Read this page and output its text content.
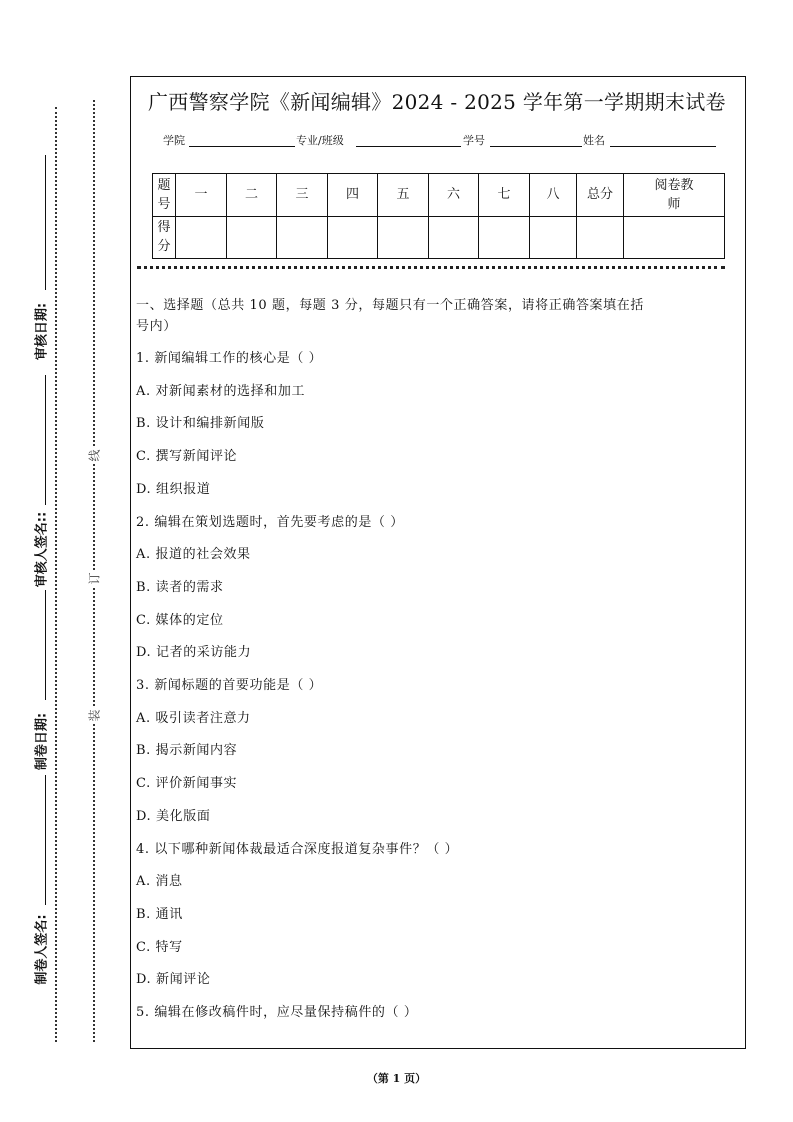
审核日期:
审核人签名::
制卷日期:
制卷人签名:
线
订
装
广西警察学院《新闻编辑》2024 - 2025 学年第一学期期末试卷
学院	专业/班级	学号	姓名
题号	一	二	三	四	五	六	七	八	总分	阅卷教师
得分										
一、选择题（总共 10 题，每题 3 分，每题只有一个正确答案，请将正确答案填在括
号内）
1. 新闻编辑工作的核心是（ ）
A. 对新闻素材的选择和加工
B. 设计和编排新闻版
C. 撰写新闻评论
D. 组织报道
2. 编辑在策划选题时，首先要考虑的是（ ）
A. 报道的社会效果
B. 读者的需求
C. 媒体的定位
D. 记者的采访能力
3. 新闻标题的首要功能是（ ）
A. 吸引读者注意力
B. 揭示新闻内容
C. 评价新闻事实
D. 美化版面
4. 以下哪种新闻体裁最适合深度报道复杂事件？（ ）
A. 消息
B. 通讯
C. 特写
D. 新闻评论
5. 编辑在修改稿件时，应尽量保持稿件的（ ）
（第 1 页）
